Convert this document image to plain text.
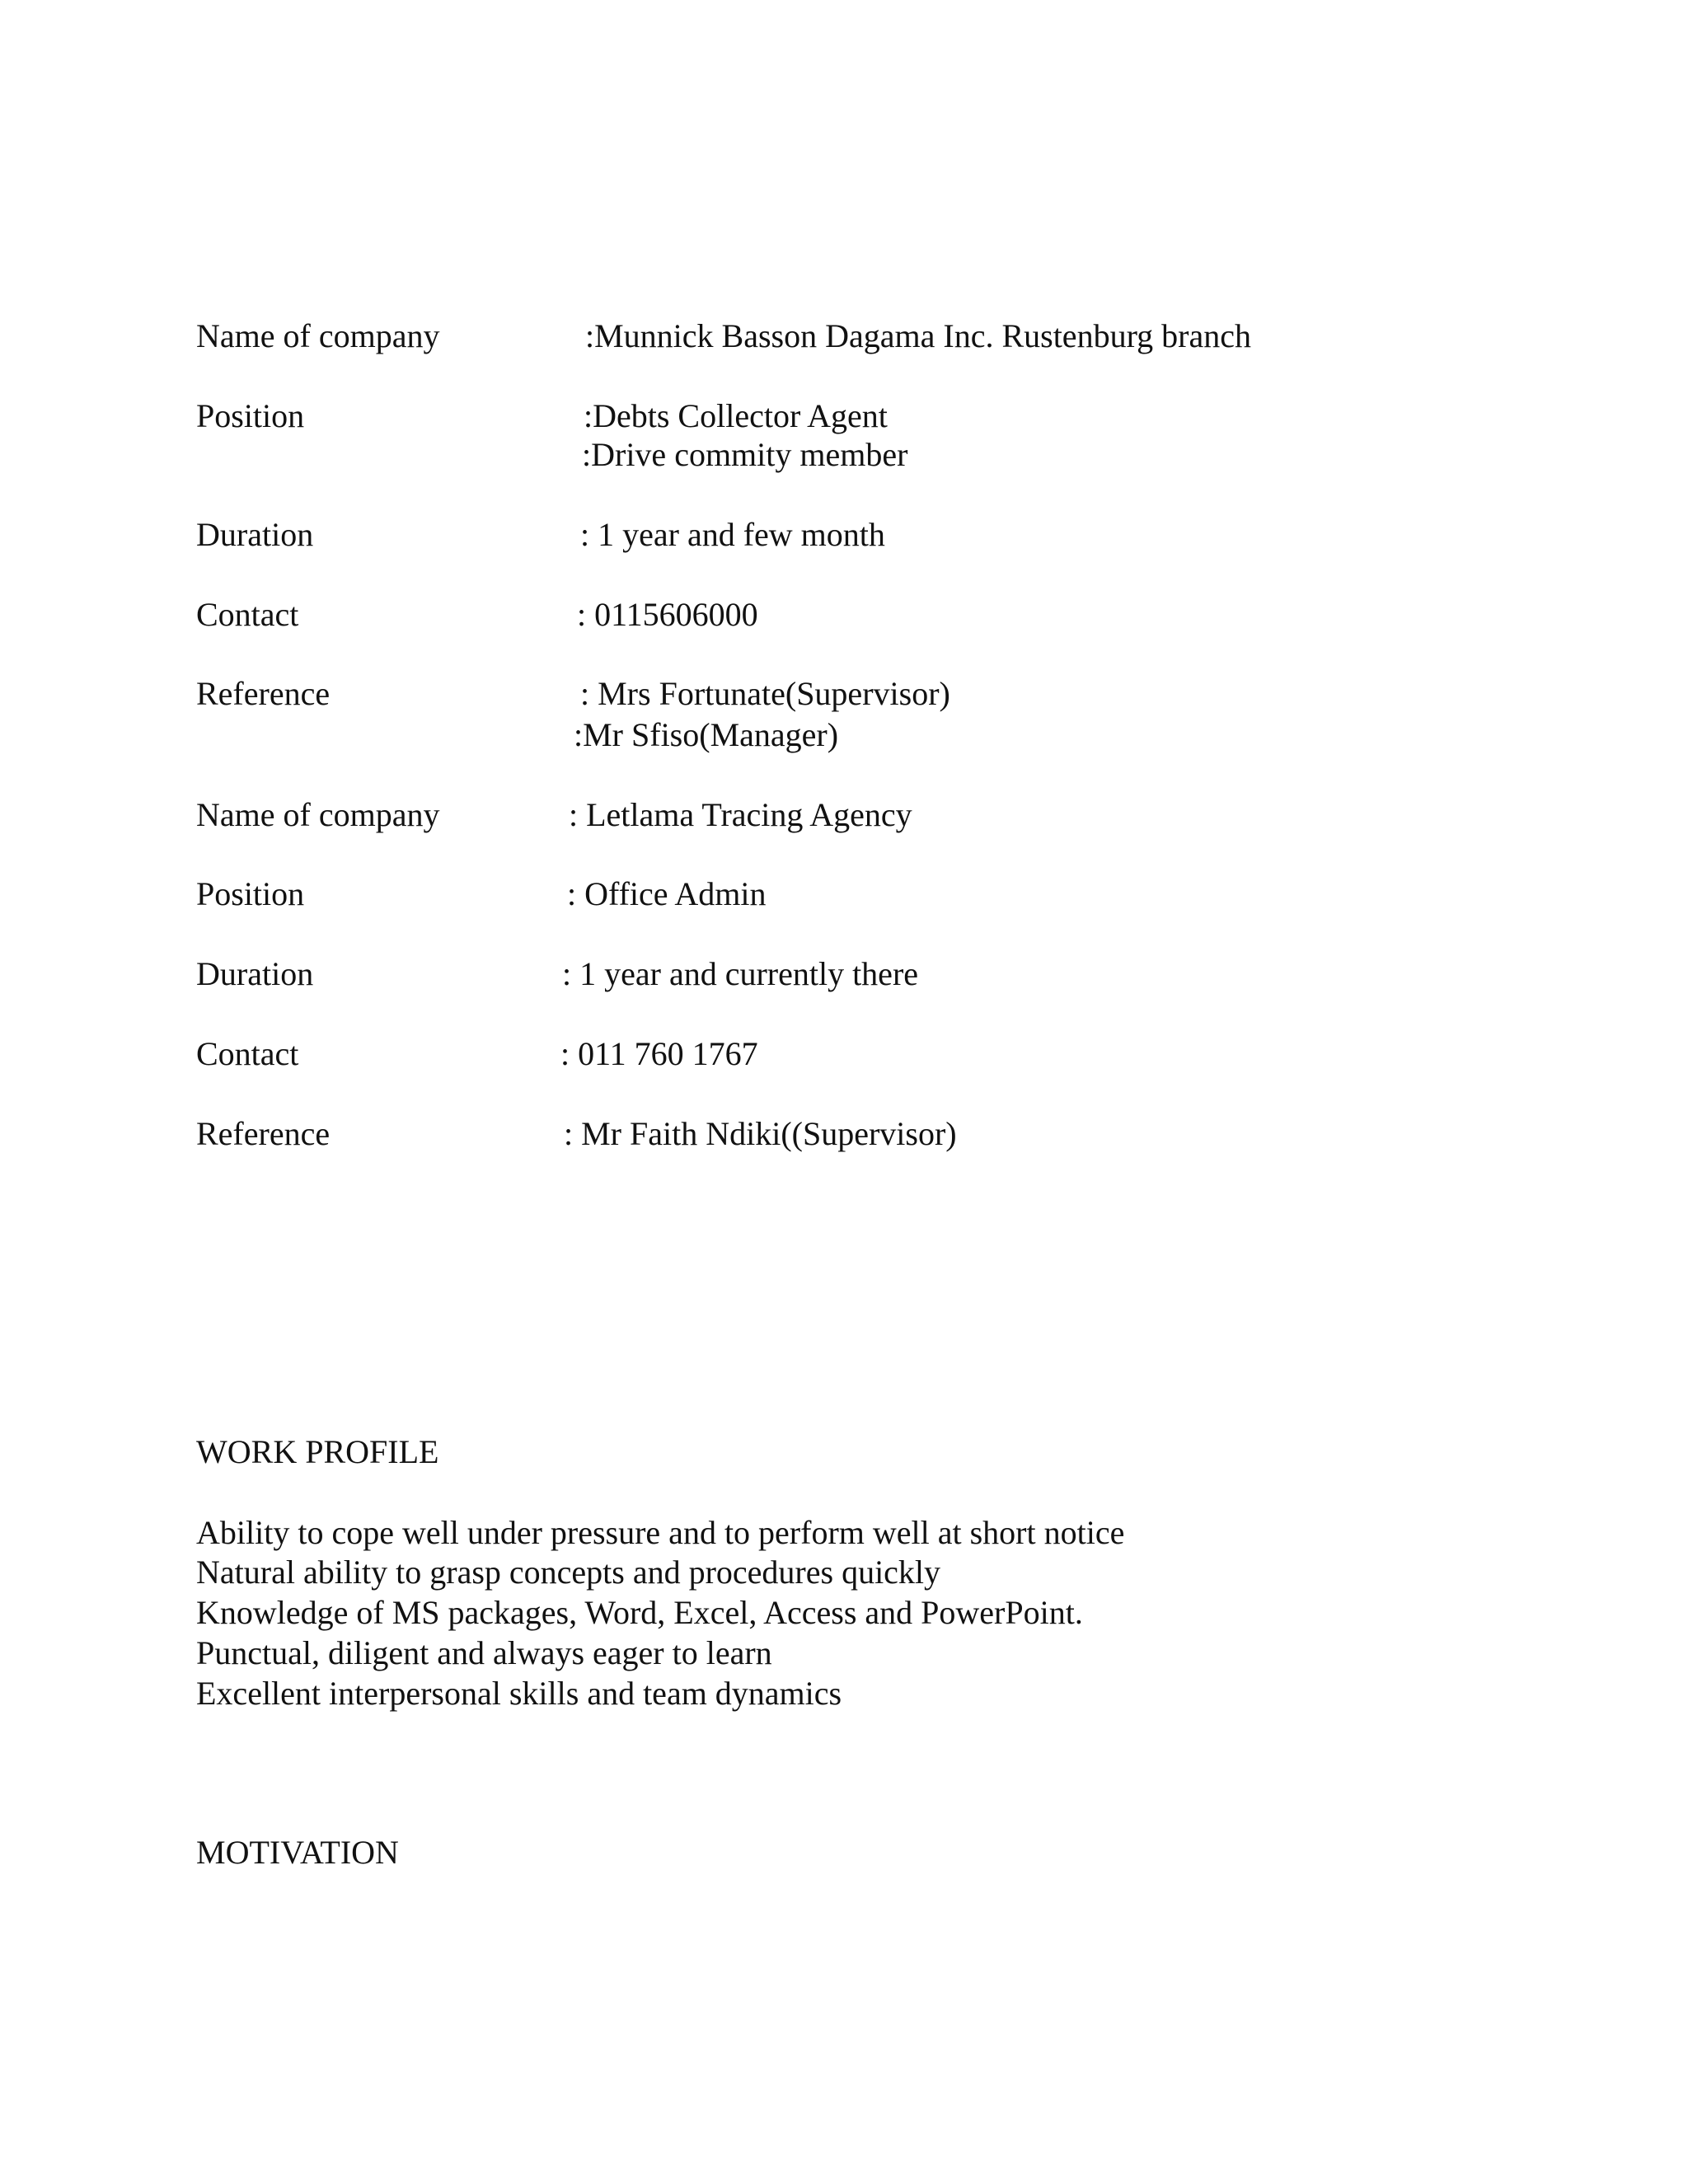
Name of company	:Munnick Basson Dagama Inc. Rustenburg branch
Position	:Debts Collector Agent
:Drive commity member
Duration	: 1 year and few month
Contact	: 0115606000
Reference	: Mrs Fortunate(Supervisor)
:Mr Sfiso(Manager)
Name of company	: Letlama Tracing Agency
Position	: Office Admin
Duration	: 1 year and currently there
Contact	: 011 760 1767
Reference	: Mr Faith Ndiki((Supervisor)
WORK PROFILE
Ability to cope well under pressure and to perform well at short notice
Natural ability to grasp concepts and procedures quickly
Knowledge of MS packages, Word, Excel, Access and PowerPoint.
Punctual, diligent and always eager to learn
Excellent interpersonal skills and team dynamics
MOTIVATION
